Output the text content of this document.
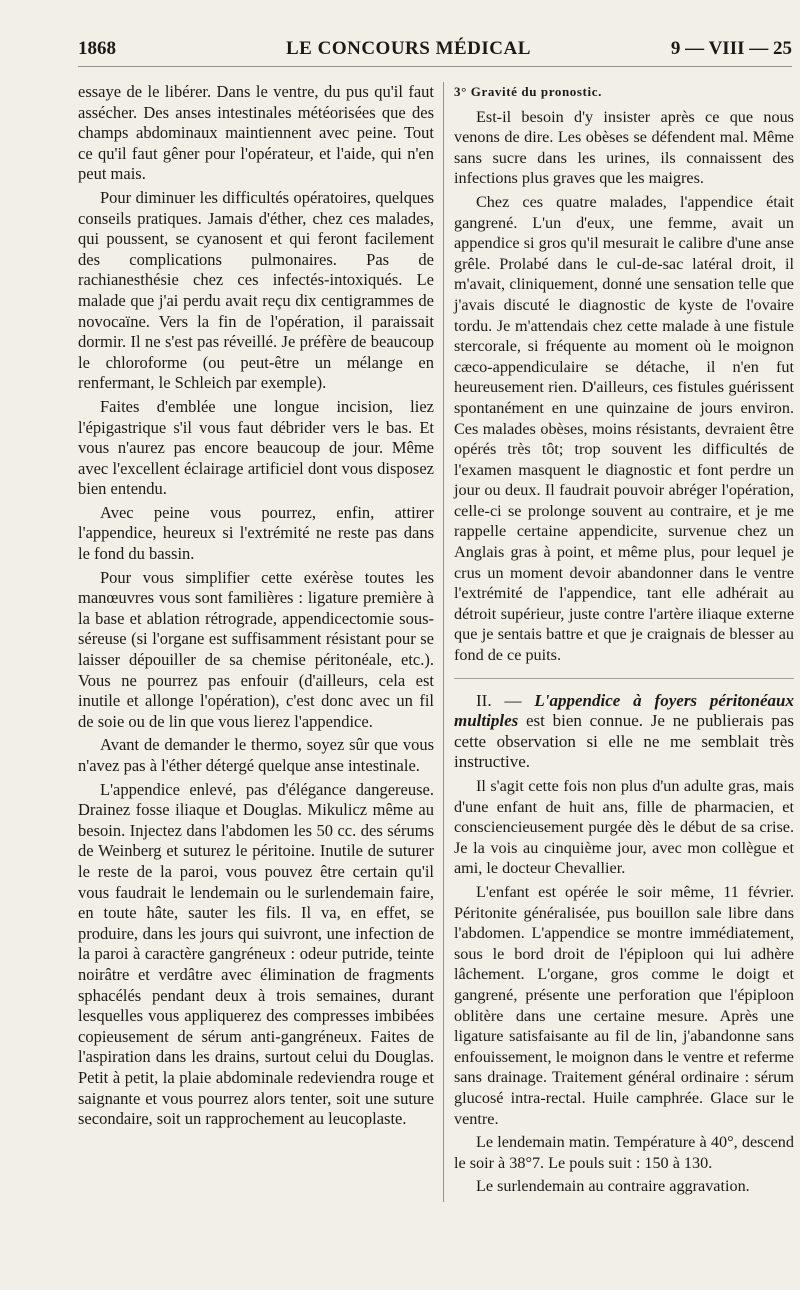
1868	LE CONCOURS MÉDICAL	9 — VIII — 25

essaye de le libérer. Dans le ventre, du pus qu'il faut assécher. Des anses intestinales météorisées que des champs abdominaux maintiennent avec peine. Tout ce qu'il faut gêner pour l'opérateur, et l'aide, qui n'en peut mais.

Pour diminuer les difficultés opératoires, quelques conseils pratiques. Jamais d'éther, chez ces malades, qui poussent, se cyanosent et qui feront facilement des complications pulmonaires. Pas de rachianesthésie chez ces infectés-intoxiqués. Le malade que j'ai perdu avait reçu dix centigrammes de novocaïne. Vers la fin de l'opération, il paraissait dormir. Il ne s'est pas réveillé. Je préfère de beaucoup le chloroforme (ou peut-être un mélange en renfermant, le Schleich par exemple).

Faites d'emblée une longue incision, liez l'épigastrique s'il vous faut débrider vers le bas. Et vous n'aurez pas encore beaucoup de jour. Même avec l'excellent éclairage artificiel dont vous disposez bien entendu.

Avec peine vous pourrez, enfin, attirer l'appendice, heureux si l'extrémité ne reste pas dans le fond du bassin.

Pour vous simplifier cette exérèse toutes les manœuvres vous sont familières : ligature première à la base et ablation rétrograde, appendicectomie sous-séreuse (si l'organe est suffisamment résistant pour se laisser dépouiller de sa chemise péritonéale, etc.). Vous ne pourrez pas enfouir (d'ailleurs, cela est inutile et allonge l'opération), c'est donc avec un fil de soie ou de lin que vous lierez l'appendice.

Avant de demander le thermo, soyez sûr que vous n'avez pas à l'éther détergé quelque anse intestinale.

L'appendice enlevé, pas d'élégance dangereuse. Drainez fosse iliaque et Douglas. Mikulicz même au besoin. Injectez dans l'abdomen les 50 cc. des sérums de Weinberg et suturez le péritoine. Inutile de suturer le reste de la paroi, vous pouvez être certain qu'il vous faudrait le lendemain ou le surlendemain faire, en toute hâte, sauter les fils. Il va, en effet, se produire, dans les jours qui suivront, une infection de la paroi à caractère gangréneux : odeur putride, teinte noirâtre et verdâtre avec élimination de fragments sphacélés pendant deux à trois semaines, durant lesquelles vous appliquerez des compresses imbibées copieusement de sérum anti-gangréneux. Faites de l'aspiration dans les drains, surtout celui du Douglas. Petit à petit, la plaie abdominale redeviendra rouge et saignante et vous pourrez alors tenter, soit une suture secondaire, soit un rapprochement au leucoplaste.

3° Gravité du pronostic.

Est-il besoin d'y insister après ce que nous venons de dire. Les obèses se défendent mal. Même sans sucre dans les urines, ils connaissent des infections plus graves que les maigres.

Chez ces quatre malades, l'appendice était gangrené. L'un d'eux, une femme, avait un appendice si gros qu'il mesurait le calibre d'une anse grêle. Prolabé dans le cul-de-sac latéral droit, il m'avait, cliniquement, donné une sensation telle que j'avais discuté le diagnostic de kyste de l'ovaire tordu. Je m'attendais chez cette malade à une fistule stercorale, si fréquente au moment où le moignon cæco-appendiculaire se détache, il n'en fut heureusement rien. D'ailleurs, ces fistules guérissent spontanément en une quinzaine de jours environ. Ces malades obèses, moins résistants, devraient être opérés très tôt; trop souvent les difficultés de l'examen masquent le diagnostic et font perdre un jour ou deux. Il faudrait pouvoir abréger l'opération, celle-ci se prolonge souvent au contraire, et je me rappelle certaine appendicite, survenue chez un Anglais gras à point, et même plus, pour lequel je crus un moment devoir abandonner dans le ventre l'extrémité de l'appendice, tant elle adhérait au détroit supérieur, juste contre l'artère iliaque externe que je sentais battre et que je craignais de blesser au fond de ce puits.

II. — L'appendice à foyers péritonéaux multiples est bien connue. Je ne publierais pas cette observation si elle ne me semblait très instructive.

Il s'agit cette fois non plus d'un adulte gras, mais d'une enfant de huit ans, fille de pharmacien, et consciencieusement purgée dès le début de sa crise. Je la vois au cinquième jour, avec mon collègue et ami, le docteur Chevallier.

L'enfant est opérée le soir même, 11 février. Péritonite généralisée, pus bouillon sale libre dans l'abdomen. L'appendice se montre immédiatement, sous le bord droit de l'épiploon qui lui adhère lâchement. L'organe, gros comme le doigt et gangrené, présente une perforation que l'épiploon oblitère dans une certaine mesure. Après une ligature satisfaisante au fil de lin, j'abandonne sans enfouissement, le moignon dans le ventre et referme sans drainage. Traitement général ordinaire : sérum glucosé intra-rectal. Huile camphrée. Glace sur le ventre.

Le lendemain matin. Température à 40°, descend le soir à 38°7. Le pouls suit : 150 à 130.

Le surlendemain au contraire aggravation.
